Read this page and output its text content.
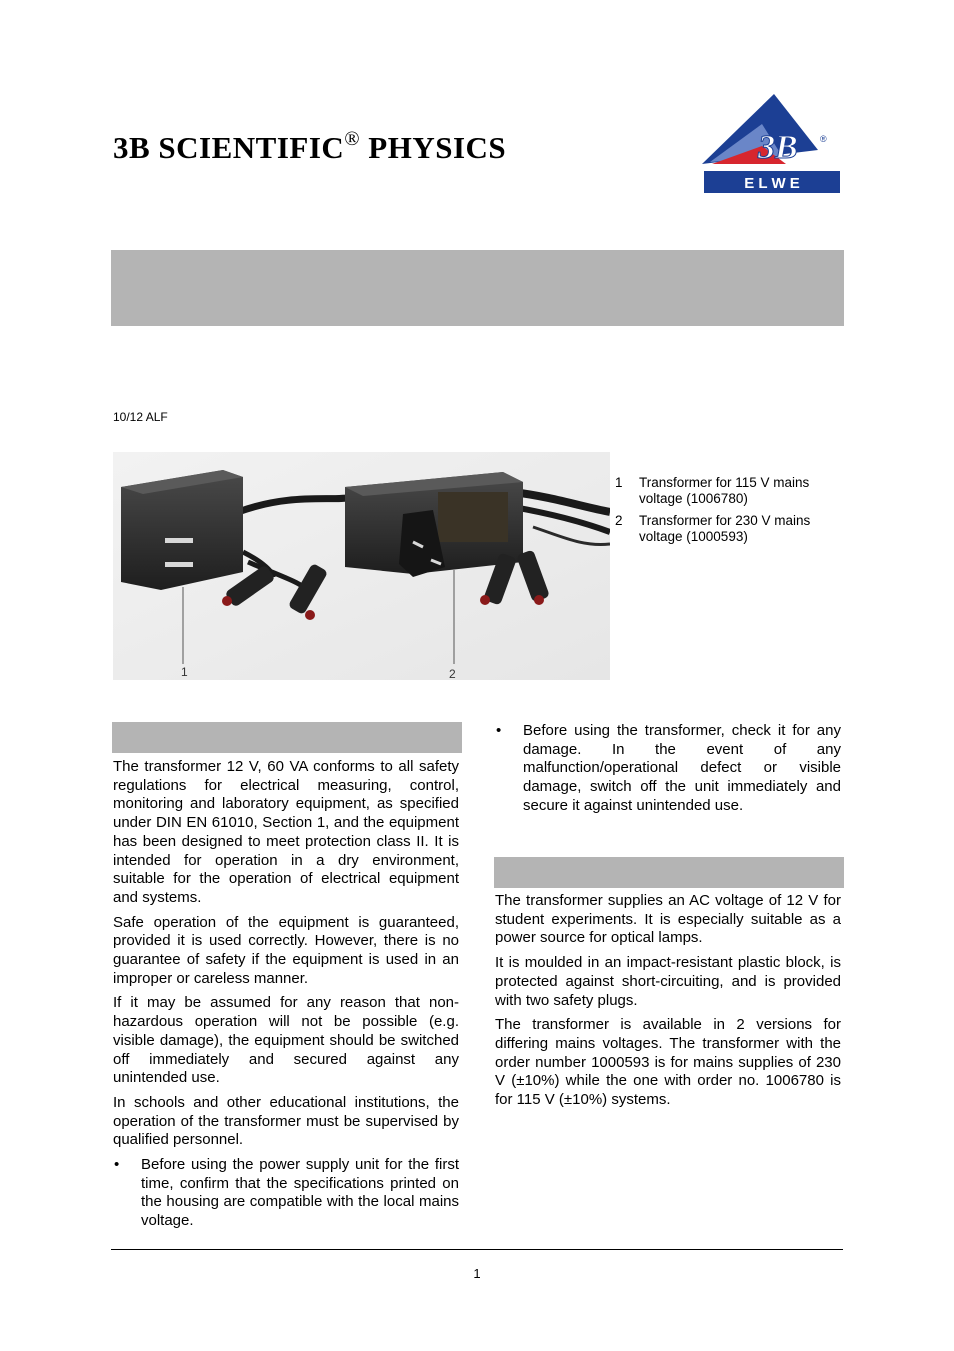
3B SCIENTIFIC® PHYSICS	3B ®
E L W E
10/12 ALF
1	2
1	Transformer for 115 V mains voltage (1006780)
2	Transformer for 230 V mains voltage (1000593)

The transformer 12 V, 60 VA conforms to all safety regulations for electrical measuring, control, monitoring and laboratory equipment, as specified under DIN EN 61010, Section 1, and the equipment has been designed to meet protection class II. It is intended for operation in a dry environment, suitable for the operation of electrical equipment and systems.

Safe operation of the equipment is guaranteed, provided it is used correctly. However, there is no guarantee of safety if the equipment is used in an improper or careless manner.

If it may be assumed for any reason that non-hazardous operation will not be possible (e.g. visible damage), the equipment should be switched off immediately and secured against any unintended use.

In schools and other educational institutions, the operation of the transformer must be supervised by qualified personnel.

• Before using the power supply unit for the first time, confirm that the specifications printed on the housing are compatible with the local mains voltage.
• Before using the transformer, check it for any damage. In the event of any malfunction/operational defect or visible damage, switch off the unit immediately and secure it against unintended use.

The transformer supplies an AC voltage of 12 V for student experiments. It is especially suitable as a power source for optical lamps.

It is moulded in an impact-resistant plastic block, is protected against short-circuiting, and is provided with two safety plugs.

The transformer is available in 2 versions for differing mains voltages. The transformer with the order number 1000593 is for mains supplies of 230 V (±10%) while the one with order no. 1006780 is for 115 V (±10%) systems.

1
